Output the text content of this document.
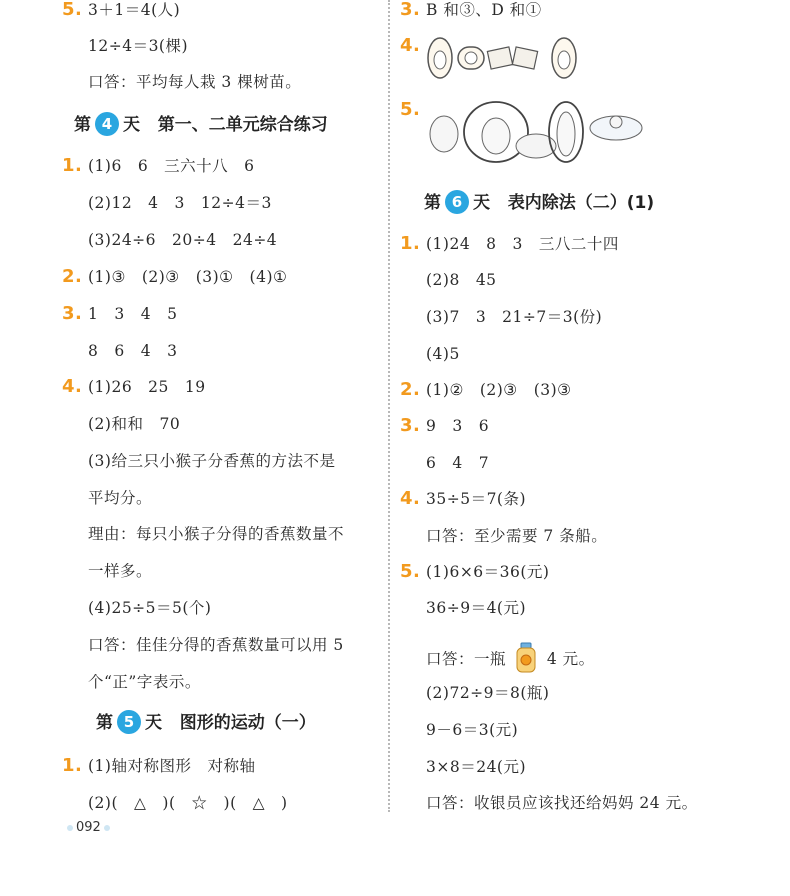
5. 3＋1＝4(人)
12÷4＝3(棵)
口答：平均每人栽 3 棵树苗。
第 4 天 第一、二单元综合练习
1. (1)6　6　三六十八　6
(2)12　4　3　12÷4＝3
(3)24÷6　20÷4　24÷4
2. (1)③　(2)③　(3)①　(4)①
3. 1　3　4　5
8　6　4　3
4. (1)26　25　19
(2)和和　70
(3)给三只小猴子分香蕉的方法不是
平均分。
理由：每只小猴子分得的香蕉数量不
一样多。
(4)25÷5＝5(个)
口答：佳佳分得的香蕉数量可以用 5
个“正”字表示。
第 5 天 图形的运动（一）
1. (1)轴对称图形　对称轴
(2)(　△　)(　☆　)(　△　)
3. B 和③、D 和①
4.
5.
第 6 天 表内除法（二）(1)
1. (1)24　8　3　三八二十四
(2)8　45
(3)7　3　21÷7＝3(份)
(4)5
2. (1)②　(2)③　(3)③
3. 9　3　6
6　4　7
4. 35÷5＝7(条)
口答：至少需要 7 条船。
5. (1)6×6＝36(元)
36÷9＝4(元)
口答：一瓶	4 元。
(2)72÷9＝8(瓶)
9－6＝3(元)
3×8＝24(元)
口答：收银员应该找还给妈妈 24 元。
092
